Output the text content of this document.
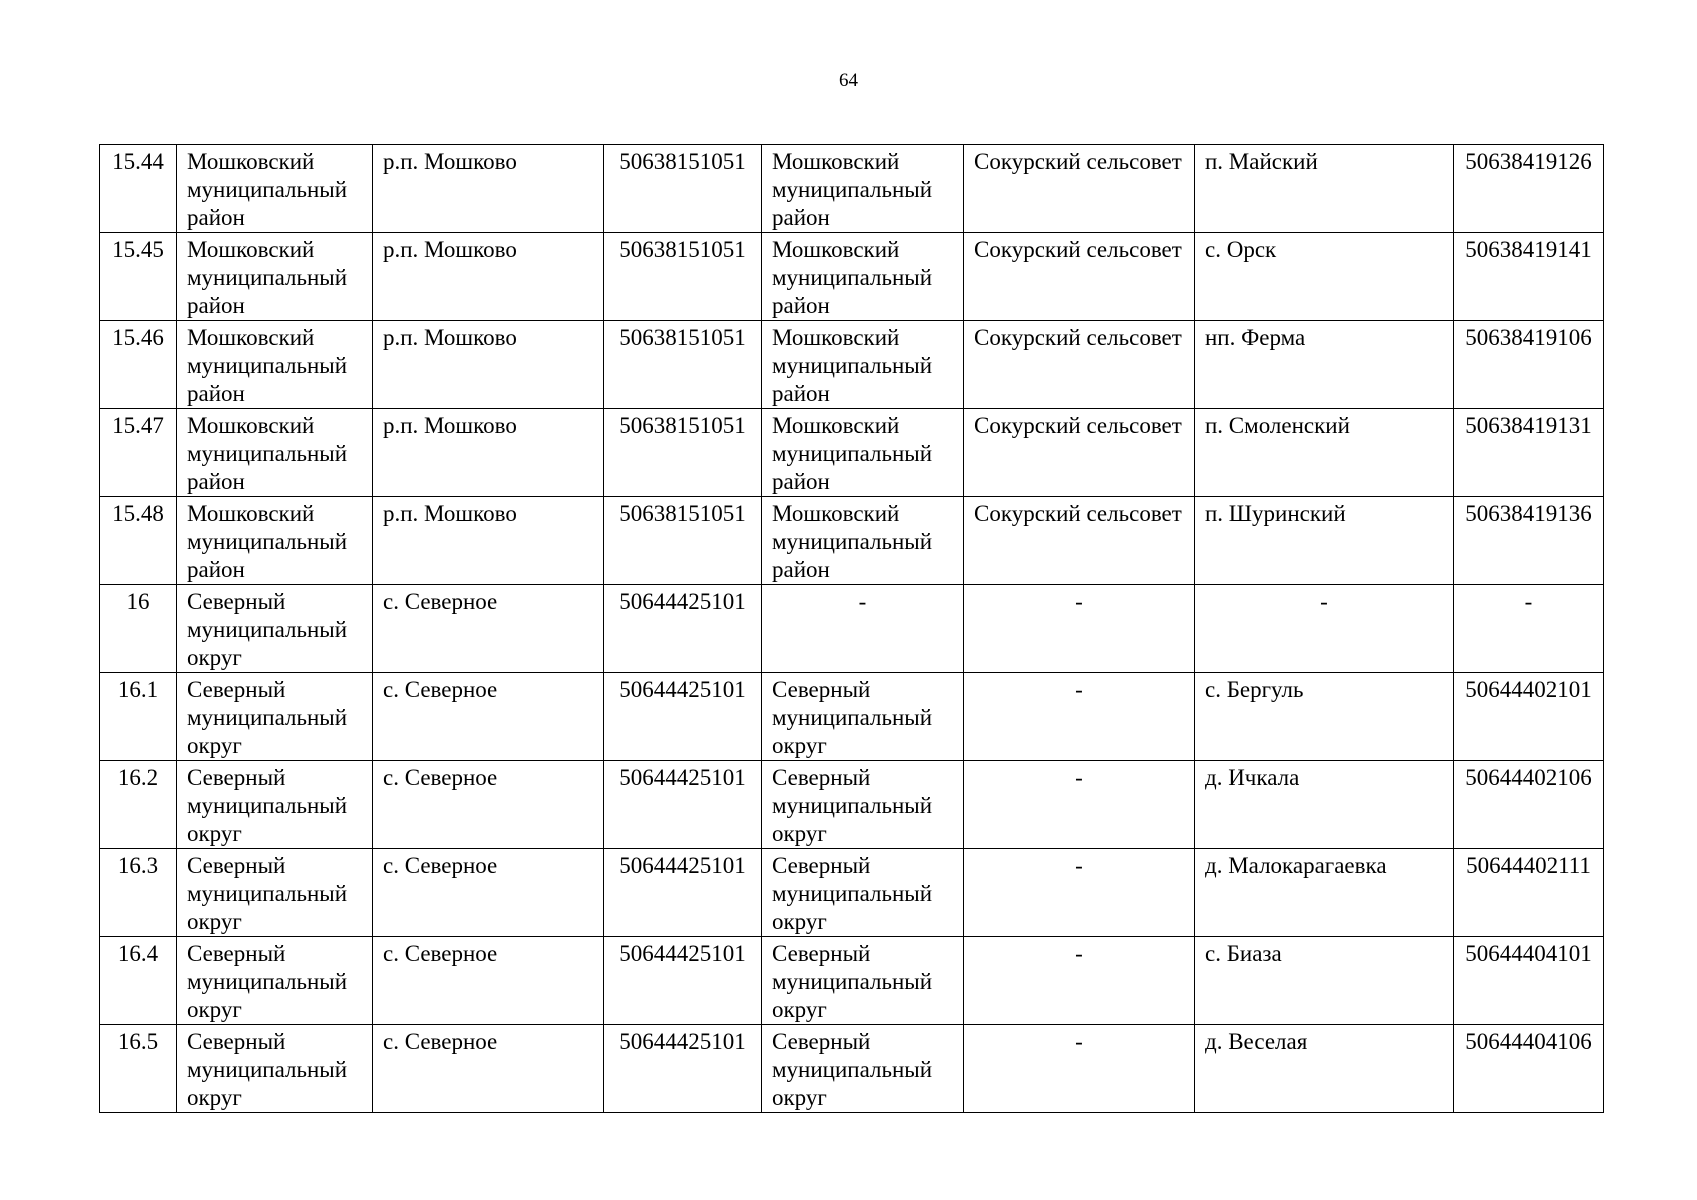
64
15.44	Мошковский муниципальный район	р.п. Мошково	50638151051	Мошковский муниципальный район	Сокурский сельсовет	п. Майский	50638419126
15.45	Мошковский муниципальный район	р.п. Мошково	50638151051	Мошковский муниципальный район	Сокурский сельсовет	с. Орск	50638419141
15.46	Мошковский муниципальный район	р.п. Мошково	50638151051	Мошковский муниципальный район	Сокурский сельсовет	нп. Ферма	50638419106
15.47	Мошковский муниципальный район	р.п. Мошково	50638151051	Мошковский муниципальный район	Сокурский сельсовет	п. Смоленский	50638419131
15.48	Мошковский муниципальный район	р.п. Мошково	50638151051	Мошковский муниципальный район	Сокурский сельсовет	п. Шуринский	50638419136
16	Северный муниципальный округ	с. Северное	50644425101	-	-	-	-
16.1	Северный муниципальный округ	с. Северное	50644425101	Северный муниципальный округ	-	с. Бергуль	50644402101
16.2	Северный муниципальный округ	с. Северное	50644425101	Северный муниципальный округ	-	д. Ичкала	50644402106
16.3	Северный муниципальный округ	с. Северное	50644425101	Северный муниципальный округ	-	д. Малокарагаевка	50644402111
16.4	Северный муниципальный округ	с. Северное	50644425101	Северный муниципальный округ	-	с. Биаза	50644404101
16.5	Северный муниципальный округ	с. Северное	50644425101	Северный муниципальный округ	-	д. Веселая	50644404106
